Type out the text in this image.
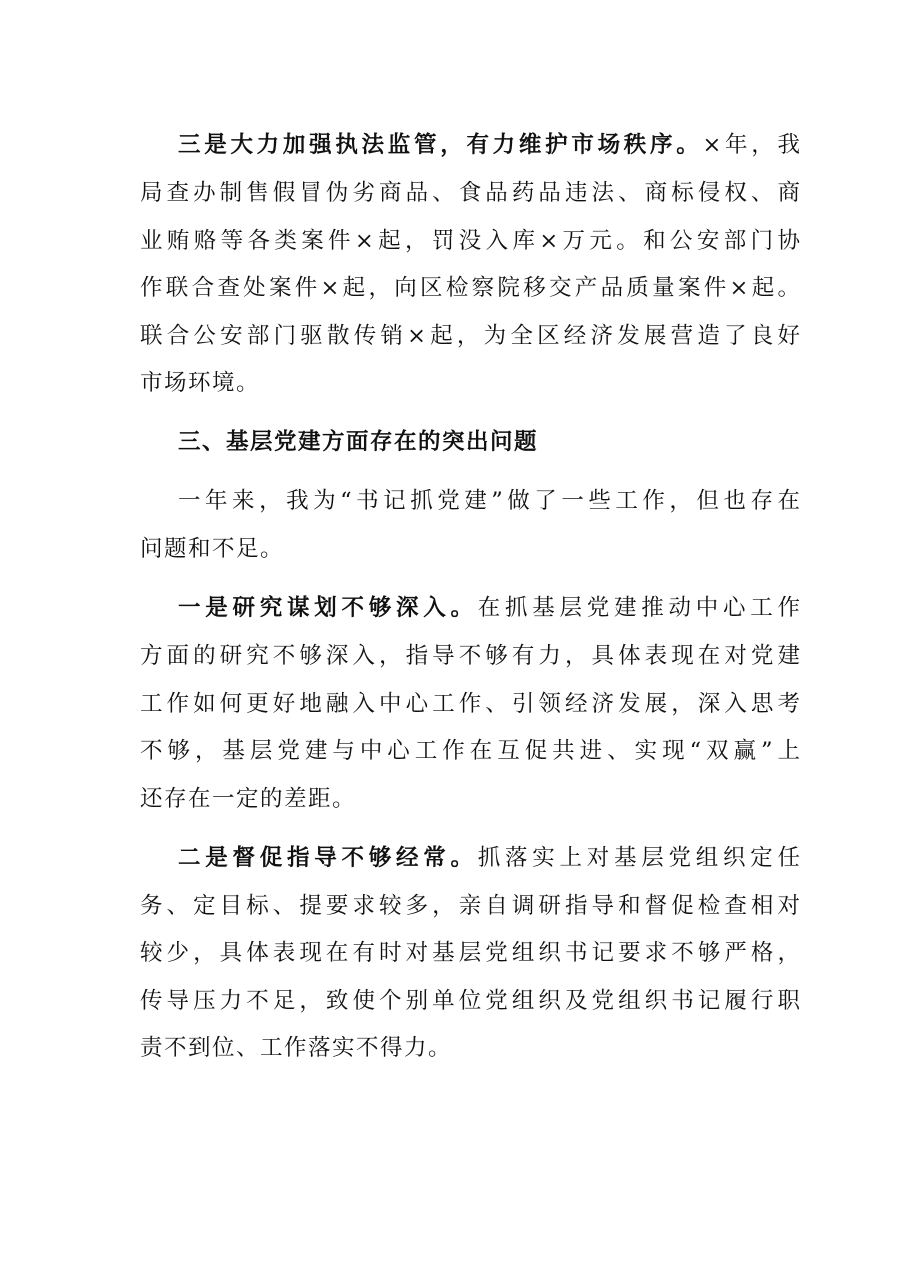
三是大力加强执法监管，有力维护市场秩序。×年，我
局查办制售假冒伪劣商品、食品药品违法、商标侵权、商
业贿赂等各类案件×起，罚没入库×万元。和公安部门协
作联合查处案件×起，向区检察院移交产品质量案件×起。
联合公安部门驱散传销×起，为全区经济发展营造了良好
市场环境。
三、基层党建方面存在的突出问题
一年来，我为“书记抓党建”做了一些工作，但也存在
问题和不足。
一是研究谋划不够深入。在抓基层党建推动中心工作
方面的研究不够深入，指导不够有力，具体表现在对党建
工作如何更好地融入中心工作、引领经济发展，深入思考
不够，基层党建与中心工作在互促共进、实现“双赢”上
还存在一定的差距。
二是督促指导不够经常。抓落实上对基层党组织定任
务、定目标、提要求较多，亲自调研指导和督促检查相对
较少，具体表现在有时对基层党组织书记要求不够严格，
传导压力不足，致使个别单位党组织及党组织书记履行职
责不到位、工作落实不得力。
